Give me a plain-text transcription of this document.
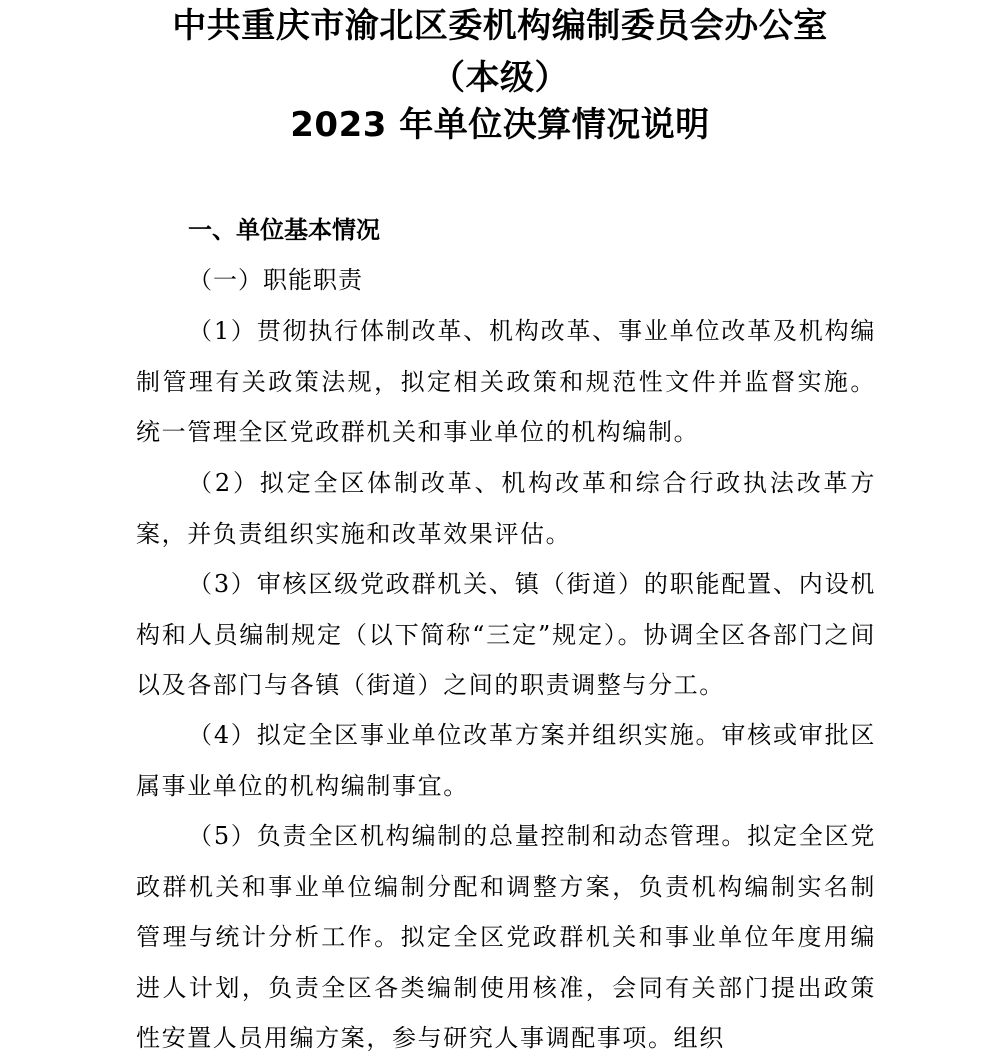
中共重庆市渝北区委机构编制委员会办公室
（本级）
2023 年单位决算情况说明
一、单位基本情况
（一）职能职责
（1）贯彻执行体制改革、机构改革、事业单位改革及机构编制管理有关政策法规，拟定相关政策和规范性文件并监督实施。统一管理全区党政群机关和事业单位的机构编制。
（2）拟定全区体制改革、机构改革和综合行政执法改革方案，并负责组织实施和改革效果评估。
（3）审核区级党政群机关、镇（街道）的职能配置、内设机构和人员编制规定（以下简称“三定”规定）。协调全区各部门之间以及各部门与各镇（街道）之间的职责调整与分工。
（4）拟定全区事业单位改革方案并组织实施。审核或审批区属事业单位的机构编制事宜。
（5）负责全区机构编制的总量控制和动态管理。拟定全区党政群机关和事业单位编制分配和调整方案，负责机构编制实名制管理与统计分析工作。拟定全区党政群机关和事业单位年度用编进人计划，负责全区各类编制使用核准，会同有关部门提出政策性安置人员用编方案，参与研究人事调配事项。组织
